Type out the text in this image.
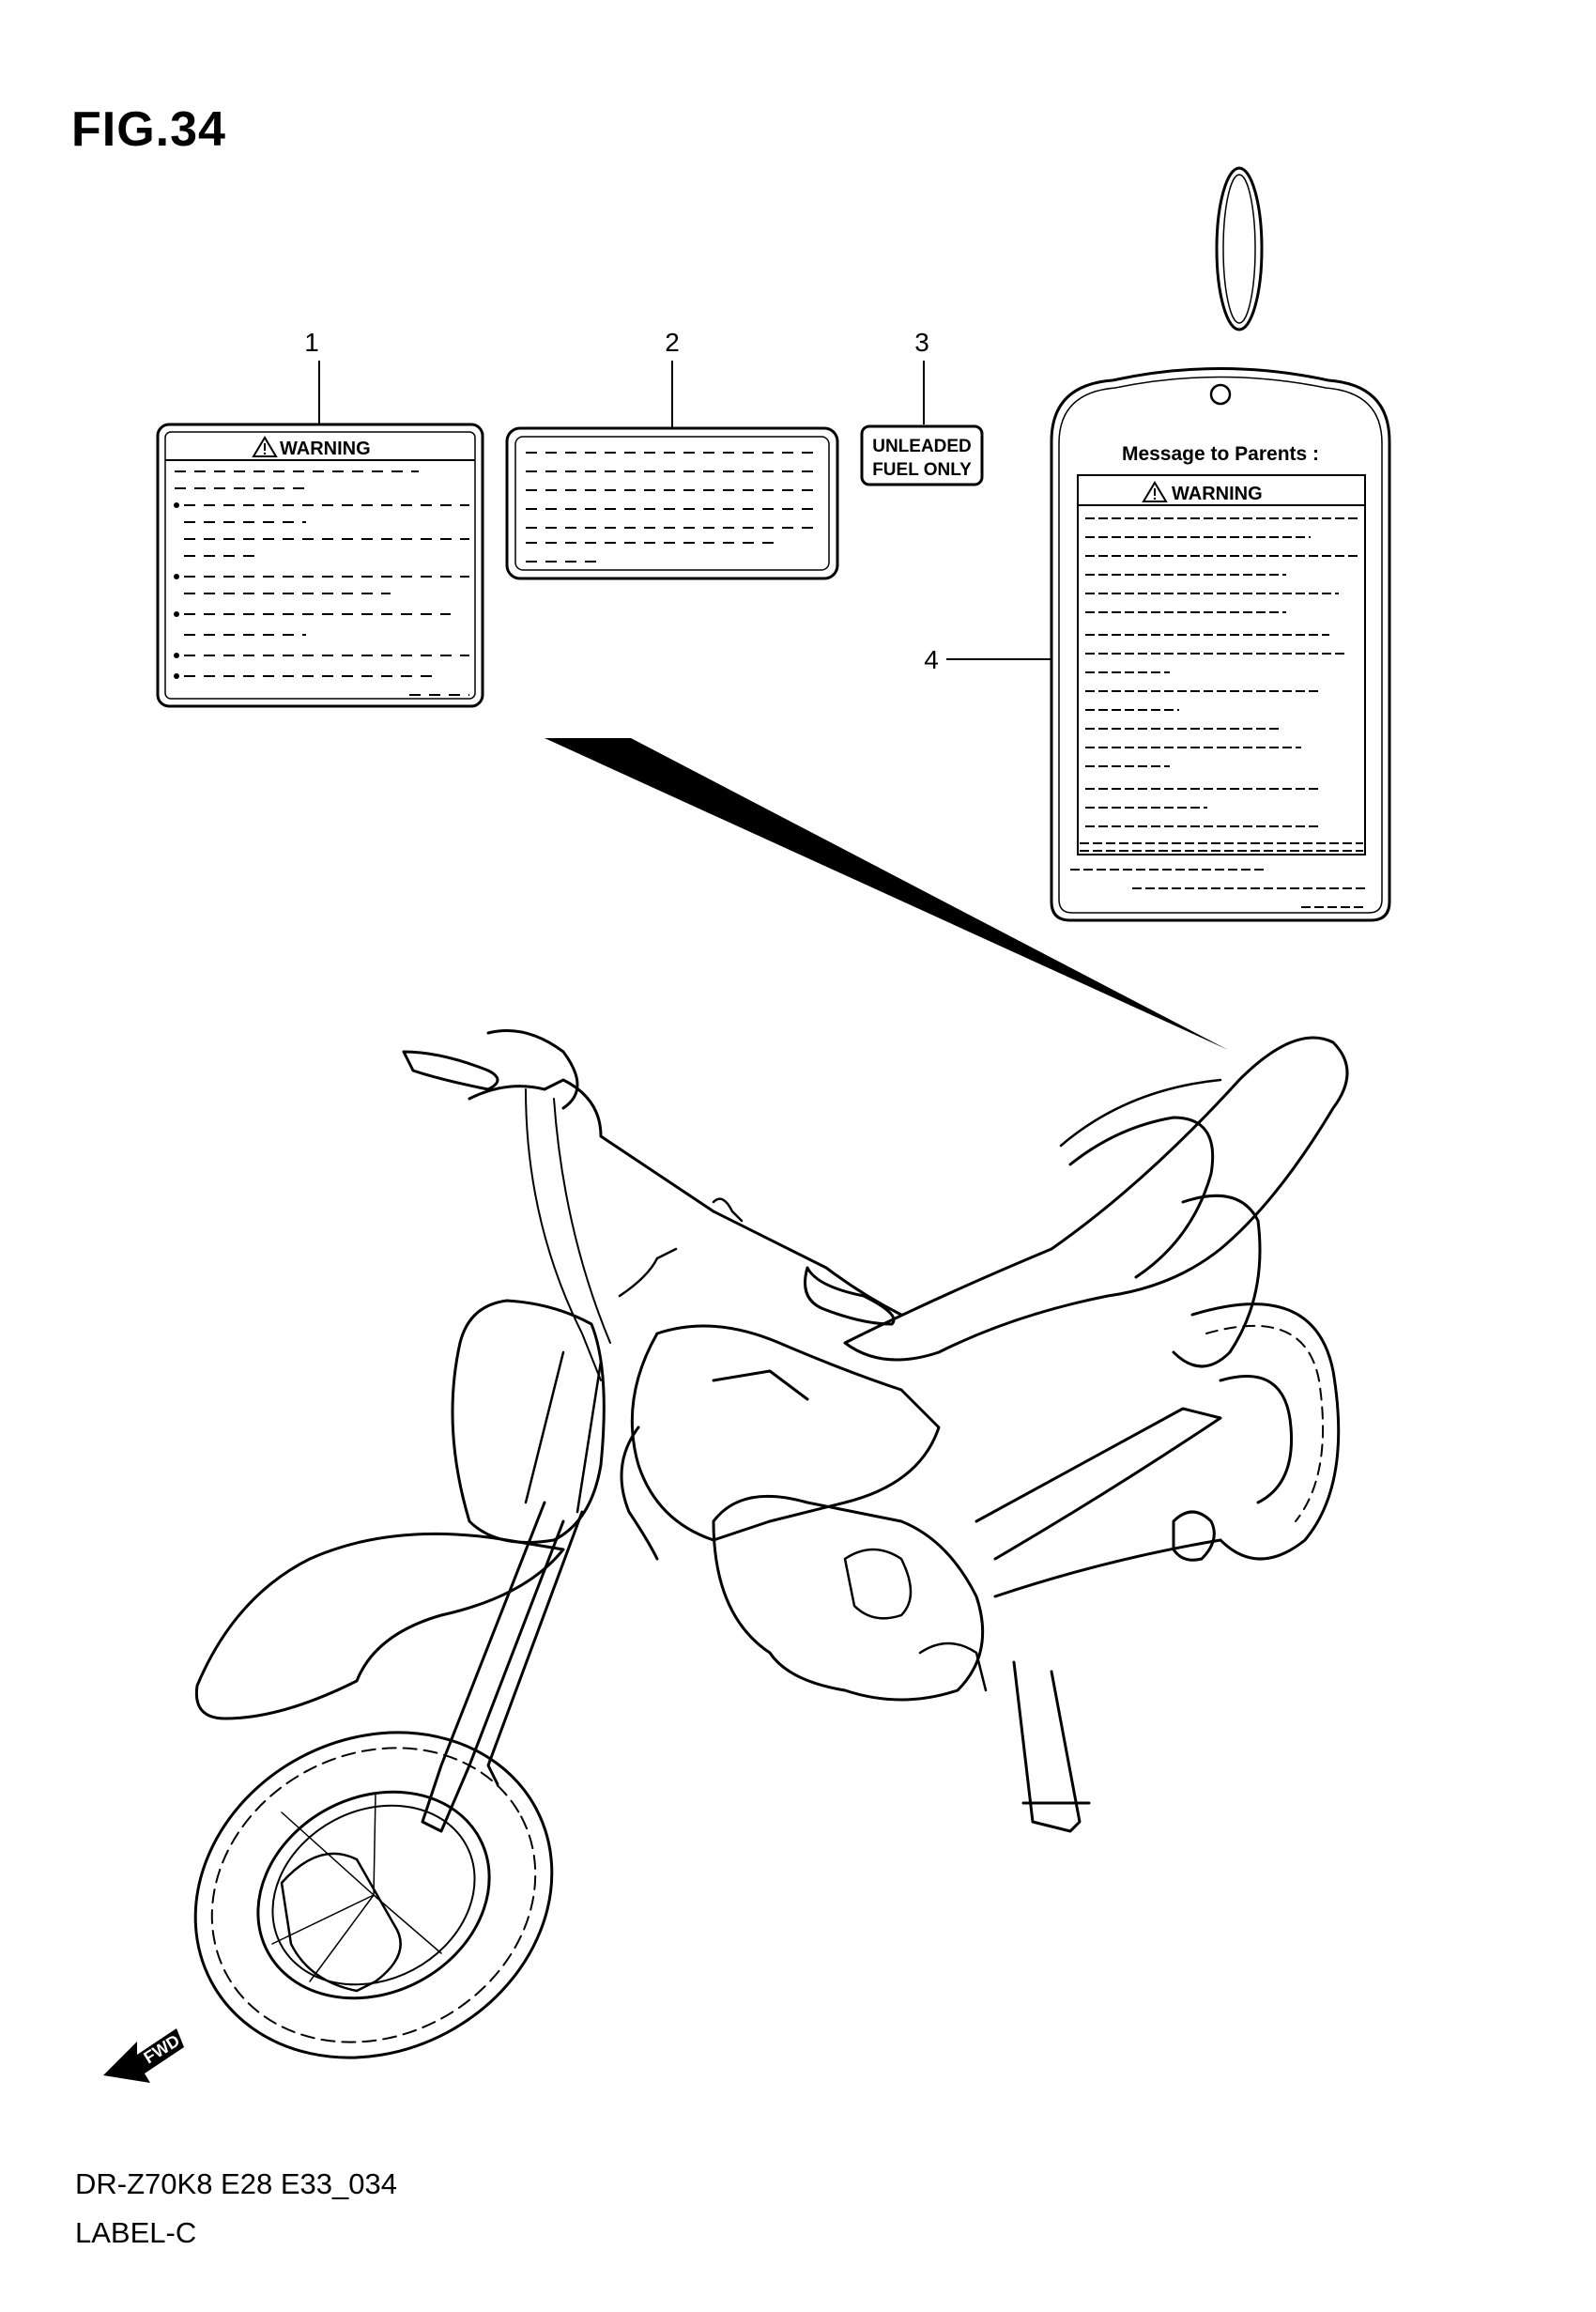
FIG.34
1	2	3
4
WARNING	UNLEADED
FUEL ONLY
Message to Parents :
WARNING
FWD
DR-Z70K8 E28 E33_034
LABEL-C
